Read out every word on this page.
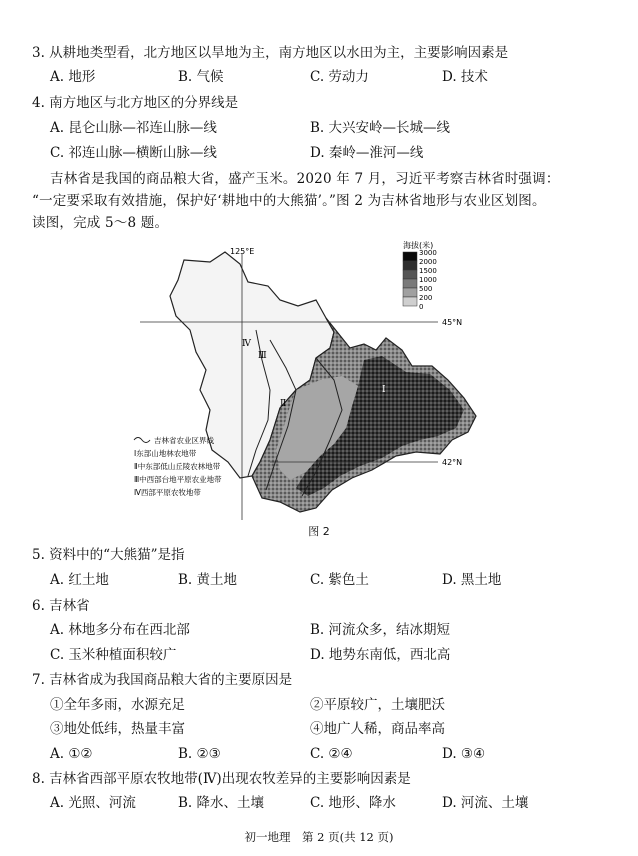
3. 从耕地类型看，北方地区以旱地为主，南方地区以水田为主，主要影响因素是
A. 地形	B. 气候	C. 劳动力	D. 技术
4. 南方地区与北方地区的分界线是
A. 昆仑山脉—祁连山脉—线	B. 大兴安岭—长城—线
C. 祁连山脉—横断山脉—线	D. 秦岭—淮河—线
吉林省是我国的商品粮大省，盛产玉米。2020 年 7 月，习近平考察吉林省时强调：
“一定要采取有效措施，保护好‘耕地中的大熊猫’。”图 2 为吉林省地形与农业区划图。
读图，完成 5～8 题。
125°E
45°N
42°N
Ⅰ
Ⅱ
Ⅲ
Ⅳ
海拔(米)
3000
2000
1500
1000
500
200
0
吉林省农业区界线
Ⅰ东部山地林农地带
Ⅱ中东部低山丘陵农林地带
Ⅲ中西部台地平原农业地带
Ⅳ西部平原农牧地带
图 2
5. 资料中的“大熊猫”是指
A. 红土地	B. 黄土地	C. 紫色土	D. 黑土地
6. 吉林省
A. 林地多分布在西北部	B. 河流众多，结冰期短
C. 玉米种植面积较广	D. 地势东南低，西北高
7. 吉林省成为我国商品粮大省的主要原因是
①全年多雨，水源充足	②平原较广，土壤肥沃
③地处低纬，热量丰富	④地广人稀，商品率高
A. ①②	B. ②③	C. ②④	D. ③④
8. 吉林省西部平原农牧地带(Ⅳ)出现农牧差异的主要影响因素是
A. 光照、河流	B. 降水、土壤	C. 地形、降水	D. 河流、土壤
初一地理　第 2 页(共 12 页)
